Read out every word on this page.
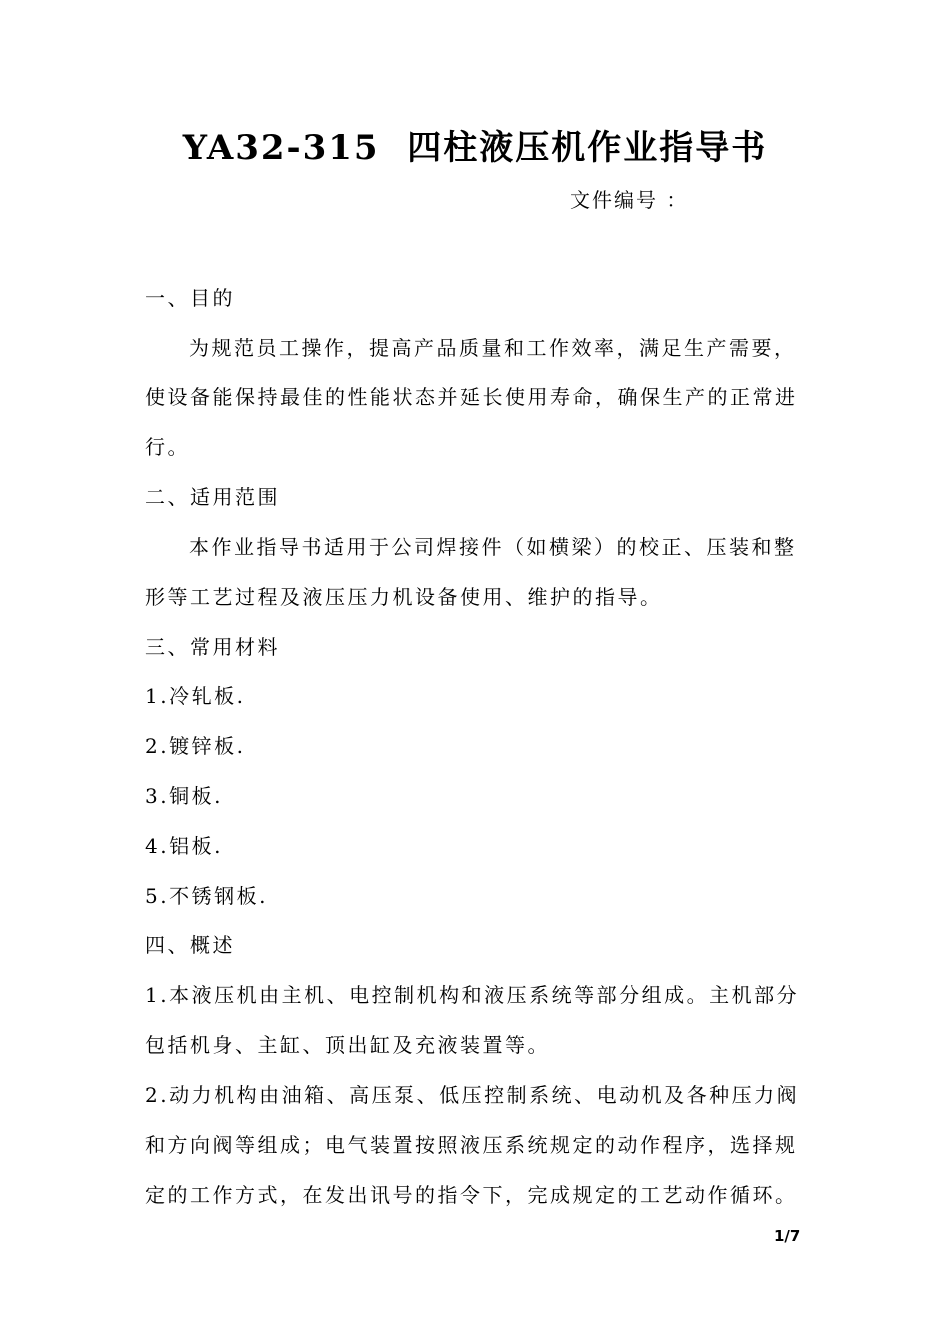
YA32-315  四柱液压机作业指导书
文件编号 ：
一、目的
为规范员工操作，提高产品质量和工作效率，满足生产需要，
使设备能保持最佳的性能状态并延长使用寿命，确保生产的正常进
行。
二、适用范围
本作业指导书适用于公司焊接件（如横梁）的校正、压装和整
形等工艺过程及液压压力机设备使用、维护的指导。
三、常用材料
1.冷轧板.
2.镀锌板.
3.铜板.
4.铝板.
5.不锈钢板.
四、概述
1.本液压机由主机、电控制机构和液压系统等部分组成。主机部分
包括机身、主缸、顶出缸及充液装置等。
2.动力机构由油箱、高压泵、低压控制系统、电动机及各种压力阀
和方向阀等组成；电气装置按照液压系统规定的动作程序，选择规
定的工作方式，在发出讯号的指令下，完成规定的工艺动作循环。
1/7
